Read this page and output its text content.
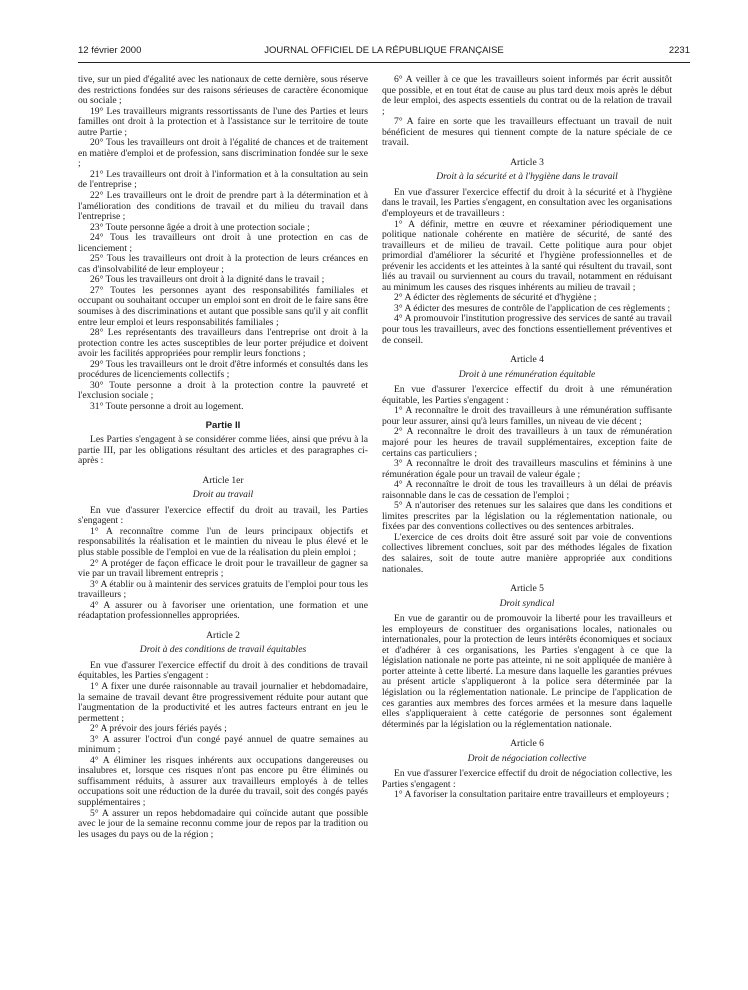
12 février 2000	JOURNAL OFFICIEL DE LA RÉPUBLIQUE FRANÇAISE	2231

tive, sur un pied d'égalité avec les nationaux de cette dernière, sous réserve des restrictions fondées sur des raisons sérieuses de caractère économique ou sociale ;

19° Les travailleurs migrants ressortissants de l'une des Parties et leurs familles ont droit à la protection et à l'assistance sur le territoire de toute autre Partie ;

20° Tous les travailleurs ont droit à l'égalité de chances et de traitement en matière d'emploi et de profession, sans discrimination fondée sur le sexe ;

21° Les travailleurs ont droit à l'information et à la consultation au sein de l'entreprise ;

22° Les travailleurs ont le droit de prendre part à la détermination et à l'amélioration des conditions de travail et du milieu du travail dans l'entreprise ;

23° Toute personne âgée a droit à une protection sociale ;

24° Tous les travailleurs ont droit à une protection en cas de licenciement ;

25° Tous les travailleurs ont droit à la protection de leurs créances en cas d'insolvabilité de leur employeur ;

26° Tous les travailleurs ont droit à la dignité dans le travail ;

27° Toutes les personnes ayant des responsabilités familiales et occupant ou souhaitant occuper un emploi sont en droit de le faire sans être soumises à des discriminations et autant que possible sans qu'il y ait conflit entre leur emploi et leurs responsabilités familiales ;

28° Les représentants des travailleurs dans l'entreprise ont droit à la protection contre les actes susceptibles de leur porter préjudice et doivent avoir les facilités appropriées pour remplir leurs fonctions ;

29° Tous les travailleurs ont le droit d'être informés et consultés dans les procédures de licenciements collectifs ;

30° Toute personne a droit à la protection contre la pauvreté et l'exclusion sociale ;

31° Toute personne a droit au logement.

Partie II

Les Parties s'engagent à se considérer comme liées, ainsi que prévu à la partie III, par les obligations résultant des articles et des paragraphes ci-après :

Article 1er
Droit au travail

En vue d'assurer l'exercice effectif du droit au travail, les Parties s'engagent :

1° A reconnaître comme l'un de leurs principaux objectifs et responsabilités la réalisation et le maintien du niveau le plus élevé et le plus stable possible de l'emploi en vue de la réalisation du plein emploi ;

2° A protéger de façon efficace le droit pour le travailleur de gagner sa vie par un travail librement entrepris ;

3° A établir ou à maintenir des services gratuits de l'emploi pour tous les travailleurs ;

4° A assurer ou à favoriser une orientation, une formation et une réadaptation professionnelles appropriées.

Article 2
Droit à des conditions de travail équitables

En vue d'assurer l'exercice effectif du droit à des conditions de travail équitables, les Parties s'engagent :

1° A fixer une durée raisonnable au travail journalier et hebdomadaire, la semaine de travail devant être progressivement réduite pour autant que l'augmentation de la productivité et les autres facteurs entrant en jeu le permettent ;

2° A prévoir des jours fériés payés ;

3° A assurer l'octroi d'un congé payé annuel de quatre semaines au minimum ;

4° A éliminer les risques inhérents aux occupations dangereuses ou insalubres et, lorsque ces risques n'ont pas encore pu être éliminés ou suffisamment réduits, à assurer aux travailleurs employés à de telles occupations soit une réduction de la durée du travail, soit des congés payés supplémentaires ;

5° A assurer un repos hebdomadaire qui coïncide autant que possible avec le jour de la semaine reconnu comme jour de repos par la tradition ou les usages du pays ou de la région ;

6° A veiller à ce que les travailleurs soient informés par écrit aussitôt que possible, et en tout état de cause au plus tard deux mois après le début de leur emploi, des aspects essentiels du contrat ou de la relation de travail ;

7° A faire en sorte que les travailleurs effectuant un travail de nuit bénéficient de mesures qui tiennent compte de la nature spéciale de ce travail.

Article 3
Droit à la sécurité et à l'hygiène dans le travail

En vue d'assurer l'exercice effectif du droit à la sécurité et à l'hygiène dans le travail, les Parties s'engagent, en consultation avec les organisations d'employeurs et de travailleurs :

1° A définir, mettre en œuvre et réexaminer périodiquement une politique nationale cohérente en matière de sécurité, de santé des travailleurs et de milieu de travail. Cette politique aura pour objet primordial d'améliorer la sécurité et l'hygiène professionnelles et de prévenir les accidents et les atteintes à la santé qui résultent du travail, sont liés au travail ou surviennent au cours du travail, notamment en réduisant au minimum les causes des risques inhérents au milieu de travail ;

2° A édicter des règlements de sécurité et d'hygiène ;

3° A édicter des mesures de contrôle de l'application de ces règlements ;

4° A promouvoir l'institution progressive des services de santé au travail pour tous les travailleurs, avec des fonctions essentiellement préventives et de conseil.

Article 4
Droit à une rémunération équitable

En vue d'assurer l'exercice effectif du droit à une rémunération équitable, les Parties s'engagent :

1° A reconnaître le droit des travailleurs à une rémunération suffisante pour leur assurer, ainsi qu'à leurs familles, un niveau de vie décent ;

2° A reconnaître le droit des travailleurs à un taux de rémunération majoré pour les heures de travail supplémentaires, exception faite de certains cas particuliers ;

3° A reconnaître le droit des travailleurs masculins et féminins à une rémunération égale pour un travail de valeur égale ;

4° A reconnaître le droit de tous les travailleurs à un délai de préavis raisonnable dans le cas de cessation de l'emploi ;

5° A n'autoriser des retenues sur les salaires que dans les conditions et limites prescrites par la législation ou la réglementation nationale, ou fixées par des conventions collectives ou des sentences arbitrales.

L'exercice de ces droits doit être assuré soit par voie de conventions collectives librement conclues, soit par des méthodes légales de fixation des salaires, soit de toute autre manière appropriée aux conditions nationales.

Article 5
Droit syndical

En vue de garantir ou de promouvoir la liberté pour les travailleurs et les employeurs de constituer des organisations locales, nationales ou internationales, pour la protection de leurs intérêts économiques et sociaux et d'adhérer à ces organisations, les Parties s'engagent à ce que la législation nationale ne porte pas atteinte, ni ne soit appliquée de manière à porter atteinte à cette liberté. La mesure dans laquelle les garanties prévues au présent article s'appliqueront à la police sera déterminée par la législation ou la réglementation nationale. Le principe de l'application de ces garanties aux membres des forces armées et la mesure dans laquelle elles s'appliqueraient à cette catégorie de personnes sont également déterminés par la législation ou la réglementation nationale.

Article 6
Droit de négociation collective

En vue d'assurer l'exercice effectif du droit de négociation collective, les Parties s'engagent :

1° A favoriser la consultation paritaire entre travailleurs et employeurs ;
